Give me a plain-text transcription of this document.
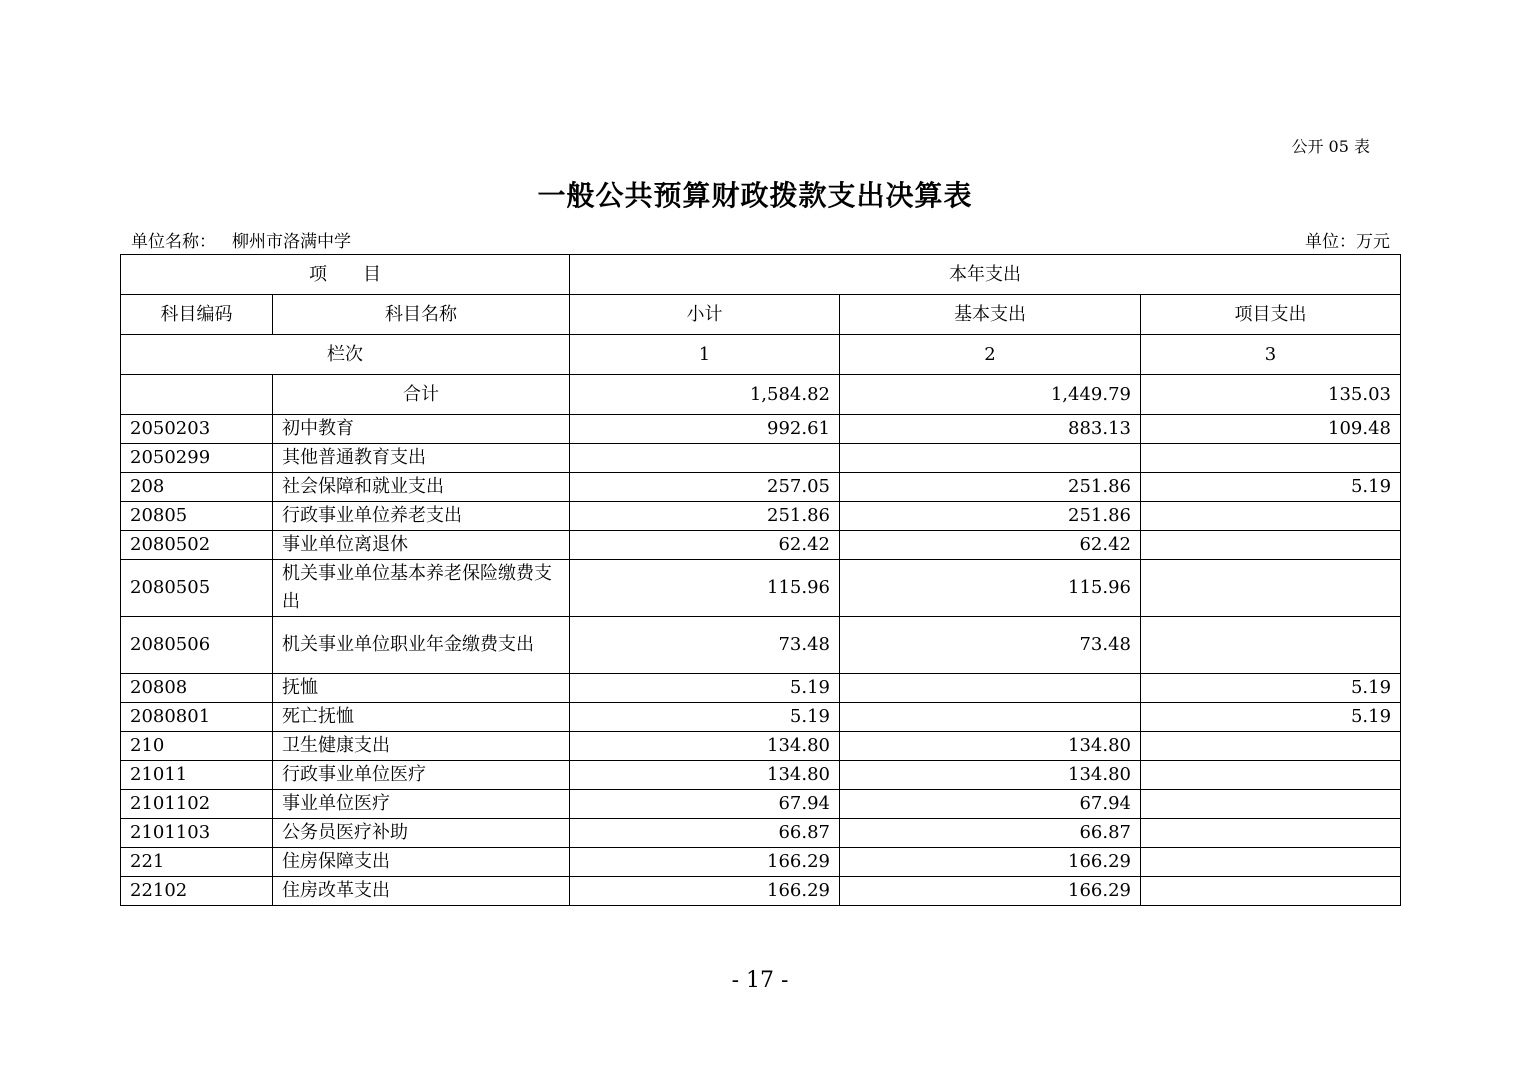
公开 05 表
一般公共预算财政拨款支出决算表
单位名称： 柳州市洛满中学	单位：万元
项　　目		本年支出		
科目编码	科目名称	小计	基本支出	项目支出
栏次		1	2	3
	合计	1,584.82	1,449.79	135.03
2050203	初中教育	992.61	883.13	109.48
2050299	其他普通教育支出			
208	社会保障和就业支出	257.05	251.86	5.19
20805	行政事业单位养老支出	251.86	251.86	
2080502	事业单位离退休	62.42	62.42	
2080505	机关事业单位基本养老保险缴费支出	115.96	115.96	
2080506	机关事业单位职业年金缴费支出	73.48	73.48	
20808	抚恤	5.19		5.19
2080801	死亡抚恤	5.19		5.19
210	卫生健康支出	134.80	134.80	
21011	行政事业单位医疗	134.80	134.80	
2101102	事业单位医疗	67.94	67.94	
2101103	公务员医疗补助	66.87	66.87	
221	住房保障支出	166.29	166.29	
22102	住房改革支出	166.29	166.29	
- 17 -
